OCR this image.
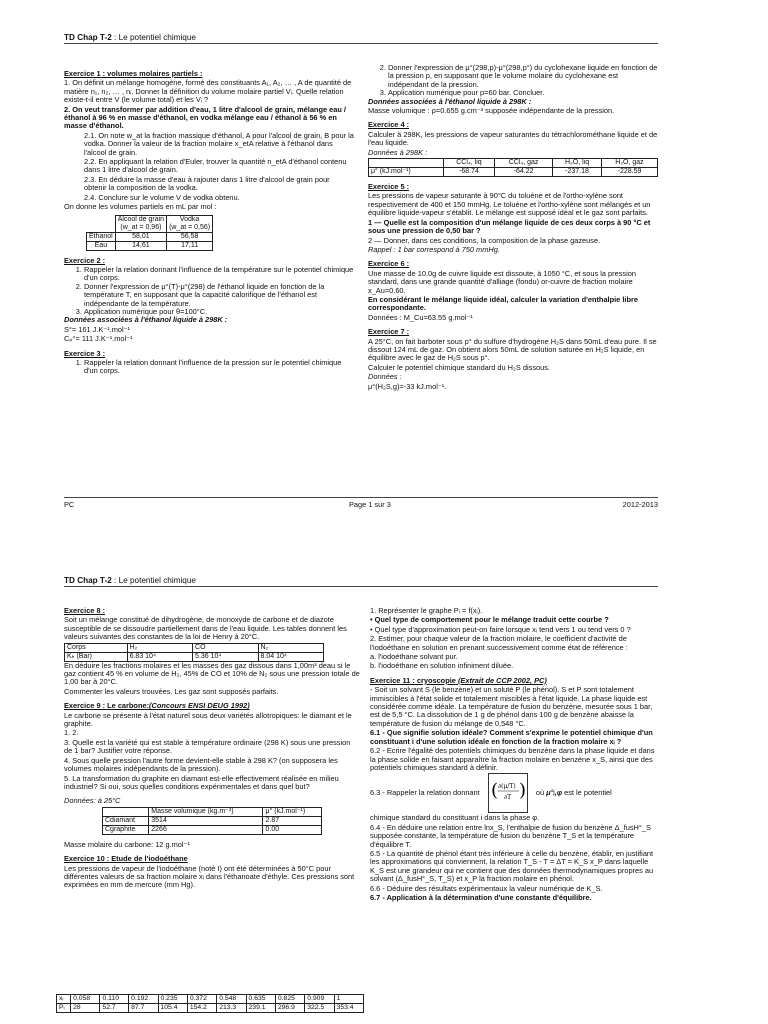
TD Chap T-2 : Le potentiel chimique

Exercice 1 : volumes molaires partiels :

1. On définit un mélange homogène, formé des constituants A₁, A₂, … , A de quantité de matière n₁, n₂, … , nᵢ. Donner la définition du volume molaire partiel Vᵢ. Quelle relation existe-t-il entre V (le volume total) et les Vᵢ ?

2. On veut transformer par addition d'eau, 1 litre d'alcool de grain, mélange eau / éthanol à 96 % en masse d'éthanol, en vodka mélange eau / éthanol à 56 % en masse d'éthanol.

2.1. On note w_at la fraction massique d'éthanol, A pour l'alcool de grain, B pour la vodka. Donner la valeur de la fraction molaire x_etA relative à l'éthanol dans l'alcool de grain.

2.2. En appliquant la relation d'Euler, trouver la quantité n_etA d'éthanol contenu dans 1 litre d'alcool de grain.

2.3. En déduire la masse d'eau à rajouter dans 1 litre d'alcool de grain pour obtenir la composition de la vodka.

2.4. Conclure sur le volume V de vodka obtenu.

On donne les volumes partiels en mL par mol :

	Alcool de grain
(w_at = 0,96)	Vodka
(w_at = 0,56)
Ethanol	58,01	56,58
Eau	14,61	17,11

Exercice 2 :

1. Rappeler la relation donnant l'influence de la température sur le potentiel chimique d'un corps.
2. Donner l'expression de μ°(T)-μ°(298) de l'éthanol liquide en fonction de la température T, en supposant que la capacité calorifique de l'éthanol est indépendante de la température.
3. Application numérique pour θ=100°C.

Données associées à l'éthanol liquide à 298K :

S°= 161 J.K⁻¹.mol⁻¹

Cₚ°= 111 J.K⁻¹.mol⁻¹

Exercice 3 :

1. Rappeler la relation donnant l'influence de la pression sur le potentiel chimique d'un corps.
2. Donner l'expression de μ°(298,p)-μ°(298,p°) du cyclohexane liquide en fonction de la pression p, en supposant que le volume molaire du cyclohexane est indépendant de la pression.
3. Application numérique pour p=60 bar. Concluer.

Données associées à l'éthanol liquide à 298K :

Masse volumique : ρ=0.655 g.cm⁻³ supposée indépendante de la pression.

Exercice 4 :

Calculer à 298K, les pressions de vapeur saturantes du tétrachlorométhane liquide et de l'eau liquide.

Données à 298K :

	CCl₄, liq	CCl₄, gaz	H₂O, liq	H₂O, gaz
μ° (kJ.mol⁻¹)	-68.74	-64.22	-237.18	-228.59

Exercice 5 :

Les pressions de vapeur saturante à 90°C du toluène et de l'ortho-xylène sont respectivement de 400 et 150 mmHg. Le toluène et l'ortho-xylène sont mélangés et un équilibre liquide-vapeur s'établit. Le mélange est supposé idéal et le gaz sont parfaits.

1 — Quelle est la composition d'un mélange liquide de ces deux corps à 90 °C et sous une pression de 0,50 bar ?

2 — Donner, dans ces conditions, la composition de la phase gazeuse.

Rappel : 1 bar correspond à 750 mmHg.

Exercice 6 :

Une masse de 10.0g de cuivre liquide est dissoute, à 1050 °C, et sous la pression standard, dans une grande quantité d'alliage (fondu) or-cuivre de fraction molaire x_Au=0.60.

En considérant le mélange liquide idéal, calculer la variation d'enthalpie libre correspondante.

Données : M_Cu=63.55 g.mol⁻¹

Exercice 7 :

A 25°C, on fait barboter sous p° du sulfure d'hydrogène H₂S dans 50mL d'eau pure. Il se dissout 124 mL de gaz. On obtient alors 50mL de solution saturée en H₂S liquide, en équilibre avec le gaz de H₂S sous p°.

Calculer le potentiel chimique standard du H₂S dissous.

Données :

μ°(H₂S,g)=-33 kJ.mol⁻¹.

PC	Page 1 sur 3	2012-2013
TD Chap T-2 : Le potentiel chimique

Exercice 8 :

Soit un mélange constitué de dihydrogène, de monoxyde de carbone et de diazote susceptible de se dissoudre partiellement dans de l'eau liquide. Les tables donnent les valeurs suivantes des constantes de la loi de Henry à 20°C.

Corps	H₂	CO	N₂
Kₕ (Bar)	6.83 10⁴	5.36 10⁴	8.04 10⁴

En déduire les fractions molaires et les masses des gaz dissous dans 1,00m³ deau si le gaz contient 45 % en volume de H₂, 45% de CO et 10% de N₂ sous une pression totale de 1,00 bar à 20°C.

Commenter les valeurs trouvées. Les gaz sont supposés parfaits.

Exercice 9 : Le carbone:(Concours ENSI DEUG 1992)

Le carbone se présente à l'état naturel sous deux variétés allotropiques: le diamant et le graphite.

1. 2.

3. Quelle est la variété qui est stable à température ordinaire (298 K) sous une pression de 1 bar? Justifier votre réponse.

4. Sous quelle pression l'autre forme devient-elle stable à 298 K? (on supposera les volumes molaires indépendants de la pression).

5. La transformation du graphite en diamant est-elle effectivement réalisée en milieu industriel? Si oui, sous quelles conditions expérimentales et dans quel but?

Données: à 25°C

	Masse volumique (kg.m⁻³)	μ° (kJ.mol⁻¹)
Cdiamant	3514	2.87
Cgraphite	2266	0.00

Masse molaire du carbone: 12 g.mol⁻¹

Exercice 10 : Etude de l'iodoéthane

Les pressions de vapeur de l'iodoéthane (noté I) ont été déterminées à 50°C pour différentes valeurs de sa fraction molaire xᵢ dans l'éthanoate d'éthyle. Ces pressions sont exprimées en mm de mercure (mm Hg).

xᵢ	0.058	0.110	0.192	0.235	0.372	0.548	0.635	0.825	0.909	1
Pᵢ	28	52.7	87.7	105.4	154.2	213.3	239.1	296.9	322.5	353.4

1. Représenter le graphe Pᵢ = f(xᵢ).

• Quel type de comportement pour le mélange traduit cette courbe ?

• Quel type d'approximation peut-on faire lorsque xᵢ tend vers 1 ou tend vers 0 ?

2. Estimer, pour chaque valeur de la fraction molaire, le coefficient d'activité de l'iodoéthane en solution en prenant successivement comme état de référence :

a. l'iodoéthane solvant pur.

b. l'iodoéthane en solution infiniment diluée.

Exercice 11 : cryoscopie (Extrait de CCP 2002, PC)

- Soit un solvant S (le benzène) et un soluté P (le phénol). S et P sont totalement immiscibles à l'état solide et totalement miscibles à l'état liquide. La phase liquide est considérée comme idéale. La température de fusion du benzène, mesurée sous 1 bar, est de 5,5 °C. La dissolution de 1 g de phénol dans 100 g de benzène abaisse la température de fusion du mélange de 0,548 °C.

6.1 - Que signifie solution idéale? Comment s'exprime le potentiel chimique d'un constituant i d'une solution idéale en fonction de la fraction molaire xᵢ ?

6.2 - Ecrire l'égalité des potentiels chimiques du benzène dans la phase liquide et dans la phase solide en faisant apparaître la fraction molaire en benzène x_S, ainsi que des potentiels chimiques standard à définir.

6.3 - Rappeler la relation donnant ( ∂(μ/T)
∂T ) où μ°ᵢ,φ est le potentiel

chimique standard du constituant i dans la phase φ.

6.4 - En déduire une relation entre lnx_S, l'enthalpie de fusion du benzène Δ_fusH°_S supposée constante, la température de fusion du benzène T_S et la température d'équilibre T.

6.5 - La quantité de phénol étant très inférieure à celle du benzène, établir, en justifiant les approximations qui conviennent, la relation T_S - T = ΔT = K_S x_P dans laquelle K_S est une grandeur qui ne contient que des données thermodynamiques propres au solvant (Δ_fusH°_S, T_S) et x_P la fraction molaire en phénol.

6.6 - Déduire des résultats expérimentaux la valeur numérique de K_S.

6.7 - Application à la détermination d'une constante d'équilibre.
